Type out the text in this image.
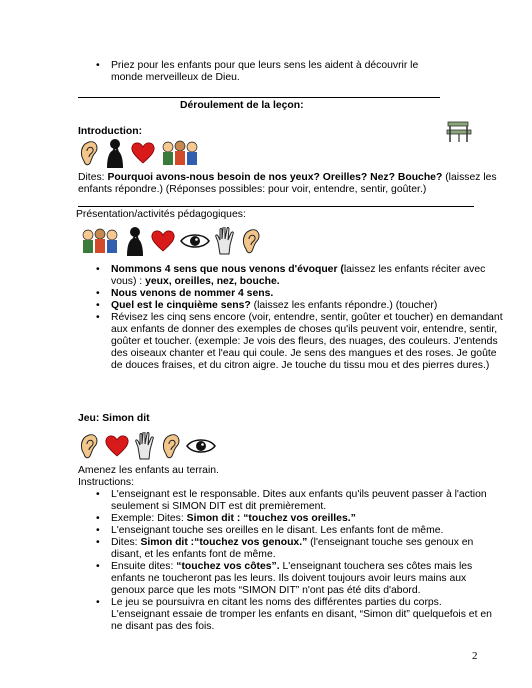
• Priez pour les enfants pour que leurs sens les aident à découvrir le monde merveilleux de Dieu.
Déroulement de la leçon:
Introduction:
Dites: Pourquoi avons-nous besoin de nos yeux? Oreilles? Nez? Bouche? (laissez les enfants répondre.) (Réponses possibles: pour voir, entendre, sentir, goûter.)
Présentation/activités pédagogiques:
• Nommons 4 sens que nous venons d'évoquer (laissez les enfants réciter avec vous) : yeux, oreilles, nez, bouche.
• Nous venons de nommer 4 sens.
• Quel est le cinquième sens? (laissez les enfants répondre.) (toucher)
• Révisez les cinq sens encore (voir, entendre, sentir, goûter et toucher) en demandant aux enfants de donner des exemples de choses qu'ils peuvent voir, entendre, sentir, goûter et toucher. (exemple: Je vois des fleurs, des nuages, des couleurs. J'entends des oiseaux chanter et l'eau qui coule. Je sens des mangues et des roses. Je goûte de douces fraises, et du citron aigre. Je touche du tissu mou et des pierres dures.)
Jeu: Simon dit
Amenez les enfants au terrain.
Instructions:
• L'enseignant est le responsable. Dites aux enfants qu'ils peuvent passer à l'action seulement si SIMON DIT est dit premièrement.
• Exemple: Dites: Simon dit : “touchez vos oreilles.”
• L'enseignant touche ses oreilles en le disant. Les enfants font de même.
• Dites: Simon dit :“touchez vos genoux.” (l'enseignant touche ses genoux en disant, et les enfants font de même.
• Ensuite dites: “touchez vos côtes”. L'enseignant touchera ses côtes mais les enfants ne toucheront pas les leurs. Ils doivent toujours avoir leurs mains aux genoux parce que les mots “SIMON DIT” n'ont pas été dits d'abord.
• Le jeu se poursuivra en citant les noms des différentes parties du corps. L'enseignant essaie de tromper les enfants en disant, “Simon dit” quelquefois et en ne disant pas des fois.
2
